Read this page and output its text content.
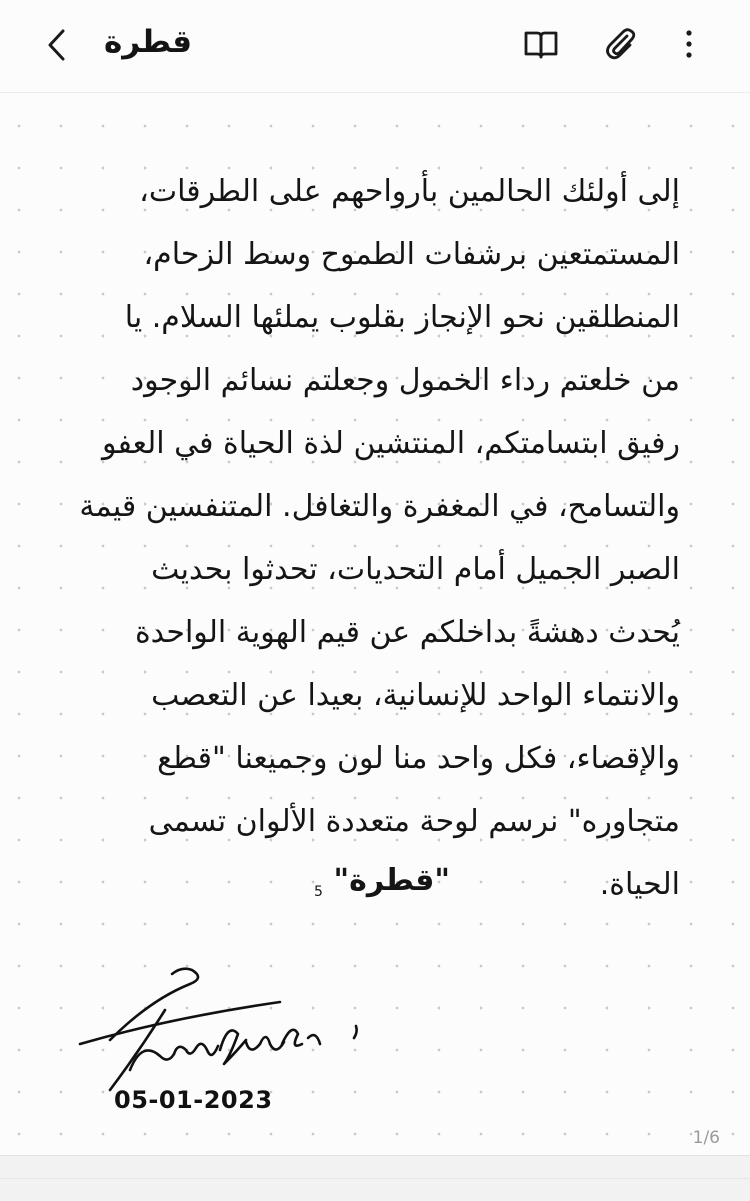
قطرة

إلى أولئك الحالمين بأرواحهم على الطرقات،
المستمتعين برشفات الطموح وسط الزحام،
المنطلقين نحو الإنجاز بقلوب يملئها السلام. يا
من خلعتم رداء الخمول وجعلتم نسائم الوجود
رفيق ابتسامتكم، المنتشين لذة الحياة في العفو
والتسامح، في المغفرة والتغافل. المتنفسين قيمة
الصبر الجميل أمام التحديات، تحدثوا بحديث
يُحدث دهشةً بداخلكم عن قيم الهوية الواحدة
والانتماء الواحد للإنسانية، بعيدا عن التعصب
والإقصاء، فكل واحد منا لون وجميعنا "قطع
متجاوره" نرسم لوحة متعددة الألوان تسمى
الحياة.

"قطرة"
5
05-01-2023
1/6
